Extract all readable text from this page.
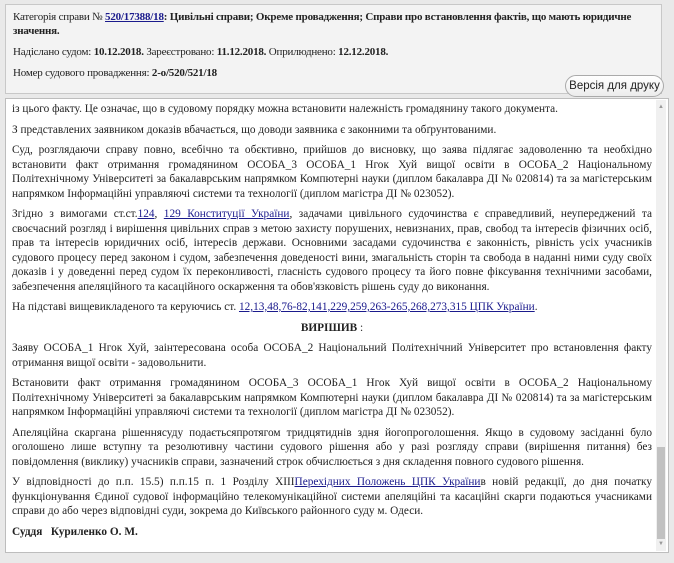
Категорія справи № 520/17388/18: Цивільні справи; Окреме провадження; Справи про встановлення фактів, що мають юридичне значення.
Надіслано судом: 10.12.2018. Зареєстровано: 11.12.2018. Оприлюднено: 12.12.2018.
Номер судового провадження: 2-о/520/521/18
Версія для друку

із цього факту. Це означає, що в судовому порядку можна встановити належність громадянину такого документа.

З представлених заявником доказів вбачається, що доводи заявника є законними та обґрунтованими.

Суд, розглядаючи справу повно, всебічно та обєктивно, прийшов до висновку, що заява підлягає задоволенню та необхідно встановити факт отримання громадянином ОСОБА_3 ОСОБА_1 Нгок Хуй вищої освіти в ОСОБА_2 Національному Політехнічному Університеті за бакалаврським напрямком Компютерні науки (диплом бакалавра ДІ № 020814) та за магістерським напрямком Інформаційні управляючі системи та технології (диплом магістра ДІ № 023052).

Згідно з вимогами ст.ст.124, 129 Конституції України, задачами цивільного судочинства є справедливий, неупереджений та своєчасний розгляд і вирішення цивільних справ з метою захисту порушених, невизнаних, прав, свобод та інтересів фізичних осіб, прав та інтересів юридичних осіб, інтересів держави. Основними засадами судочинства є законність, рівність усіх учасників судового процесу перед законом і судом, забезпечення доведеності вини, змагальність сторін та свобода в наданні ними суду своїх доказів і у доведенні перед судом їх переконливості, гласність судового процесу та його повне фіксування технічними засобами, забезпечення апеляційного та касаційного оскарження та обов'язковість рішень суду до виконання.

На підставі вищевикладеного та керуючись ст. 12,13,48,76-82,141,229,259,263-265,268,273,315 ЦПК України.

ВИРІШИВ :

Заяву ОСОБА_1 Нгок Хуй, заінтересована особа ОСОБА_2 Національний Політехнічний Університет про встановлення факту отримання вищої освіти - задовольнити.

Встановити факт отримання громадянином ОСОБА_3 ОСОБА_1 Нгок Хуй вищої освіти в ОСОБА_2 Національному Політехнічному Університеті за бакалаврським напрямком Компютерні науки (диплом бакалавра ДІ № 020814) та за магістерським напрямком Інформаційні управляючі системи та технології (диплом магістра ДІ № 023052).

Апеляційна скаргана рішеннясуду подаєтьсяпротягом тридцятиднів здня йогопроголошення. Якщо в судовому засіданні було оголошено лише вступну та резолютивну частини судового рішення або у разі розгляду справи (вирішення питання) без повідомлення (виклику) учасників справи, зазначений строк обчислюється з дня складення повного судового рішення.

У відповідності до п.п. 15.5) п.п.15 п. 1 Розділу XIIIПерехідних Положень ЦПК Українив новій редакції, до дня початку функціонування Єдиної судової інформаційно телекомунікаційної системи апеляційні та касаційні скарги подаються учасниками справи до або через відповідні суди, зокрема до Київського районного суду м. Одеси.

Суддя Куриленко О. М.

▲
▼
